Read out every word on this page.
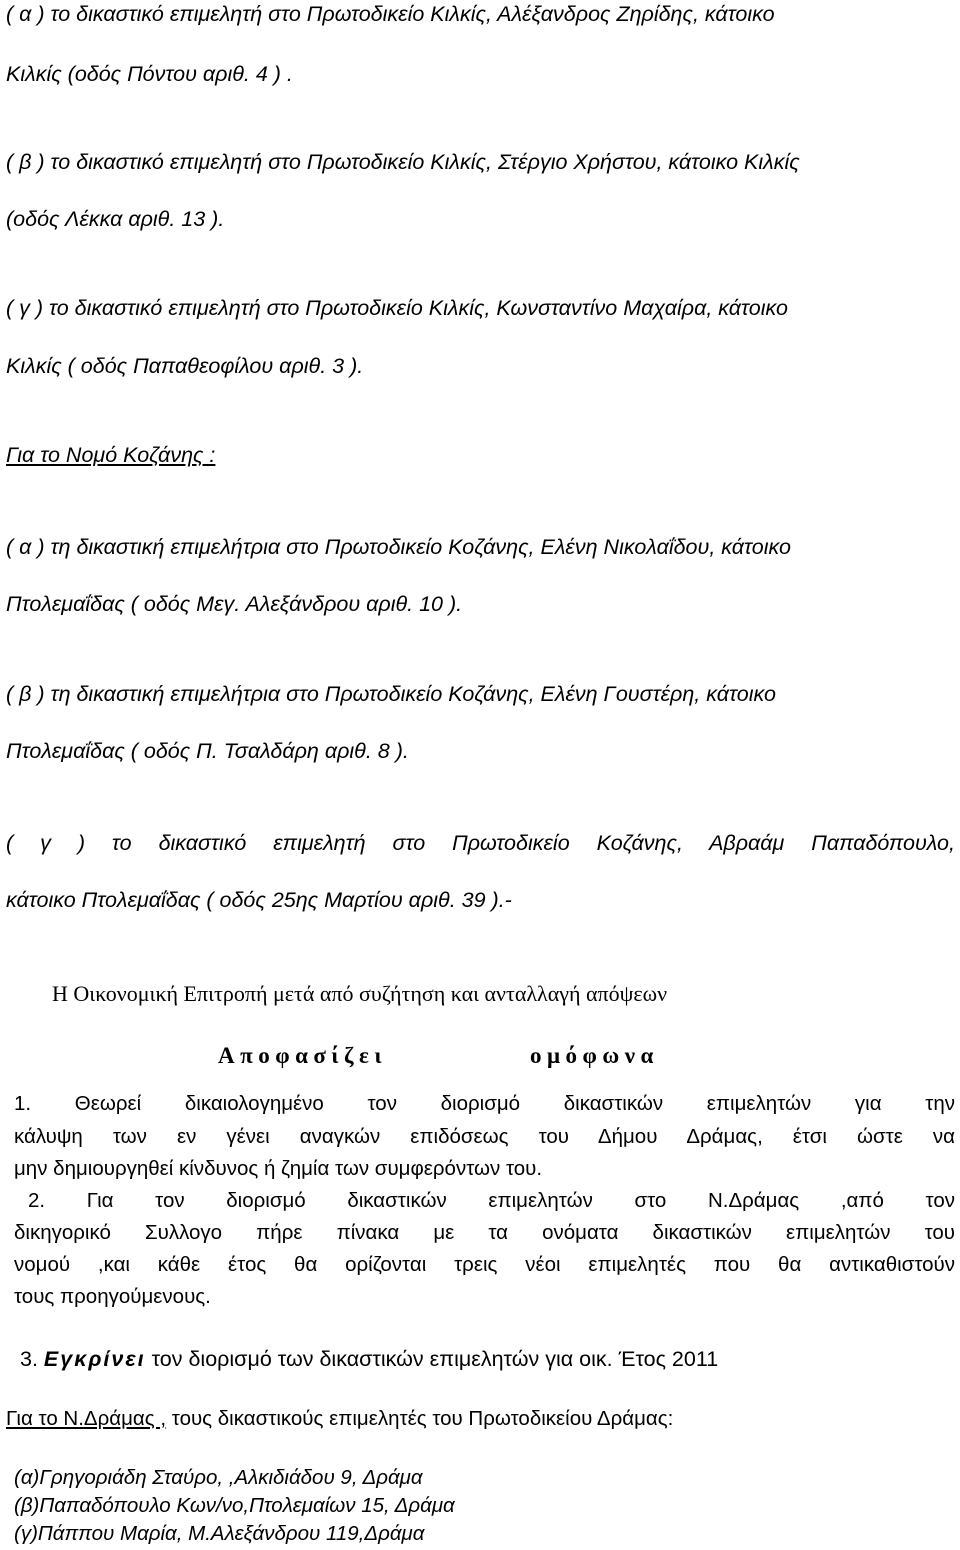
( α ) το δικαστικό επιμελητή στο Πρωτοδικείο Κιλκίς, Αλέξανδρος Ζηρίδης, κάτοικο
Κιλκίς (οδός Πόντου αριθ. 4 ) .
( β ) το δικαστικό επιμελητή στο Πρωτοδικείο Κιλκίς, Στέργιο Χρήστου, κάτοικο Κιλκίς
(οδός Λέκκα αριθ. 13 ).
( γ ) το δικαστικό επιμελητή στο Πρωτοδικείο Κιλκίς, Κωνσταντίνο Μαχαίρα, κάτοικο
Κιλκίς ( οδός Παπαθεοφίλου αριθ. 3 ).
Για το Νομό Κοζάνης :
( α ) τη δικαστική επιμελήτρια στο Πρωτοδικείο Κοζάνης, Ελένη Νικολαΐδου, κάτοικο
Πτολεμαΐδας ( οδός Μεγ. Αλεξάνδρου αριθ. 10 ).
( β ) τη δικαστική επιμελήτρια στο Πρωτοδικείο Κοζάνης, Ελένη Γουστέρη, κάτοικο
Πτολεμαΐδας ( οδός Π. Τσαλδάρη αριθ. 8 ).
( γ ) το δικαστικό επιμελητή στο Πρωτοδικείο Κοζάνης, Αβραάμ Παπαδόπουλο,
κάτοικο Πτολεμαΐδας ( οδός 25ης Μαρτίου αριθ. 39 ).-
Η Οικονομική Επιτροπή μετά από συζήτηση και ανταλλαγή απόψεων
Αποφασίζει	ομόφωνα
1. Θεωρεί δικαιολογημένο τον διορισμό δικαστικών επιμελητών για την
κάλυψη των εν γένει αναγκών επιδόσεως του Δήμου Δράμας, έτσι ώστε να
μην δημιουργηθεί κίνδυνος ή ζημία των συμφερόντων του.
2. Για τον διορισμό δικαστικών επιμελητών στο Ν.Δράμας ,από τον
δικηγορικό Συλλογο πήρε πίνακα με τα ονόματα δικαστικών επιμελητών του
νομού ,και κάθε έτος θα ορίζονται τρεις νέοι επιμελητές που θα αντικαθιστούν
τους προηγούμενους.
3. Εγκρίνει τον διορισμό των δικαστικών επιμελητών για οικ. Έτος 2011
Για το Ν.Δράμας , τους δικαστικούς επιμελητές του Πρωτοδικείου Δράμας:
(α)Γρηγοριάδη Σταύρο, ,Αλκιδιάδου 9, Δράμα
(β)Παπαδόπουλο Κων/νο,Πτολεμαίων 15, Δράμα
(γ)Πάππου Μαρία, Μ.Αλεξάνδρου 119,Δράμα
